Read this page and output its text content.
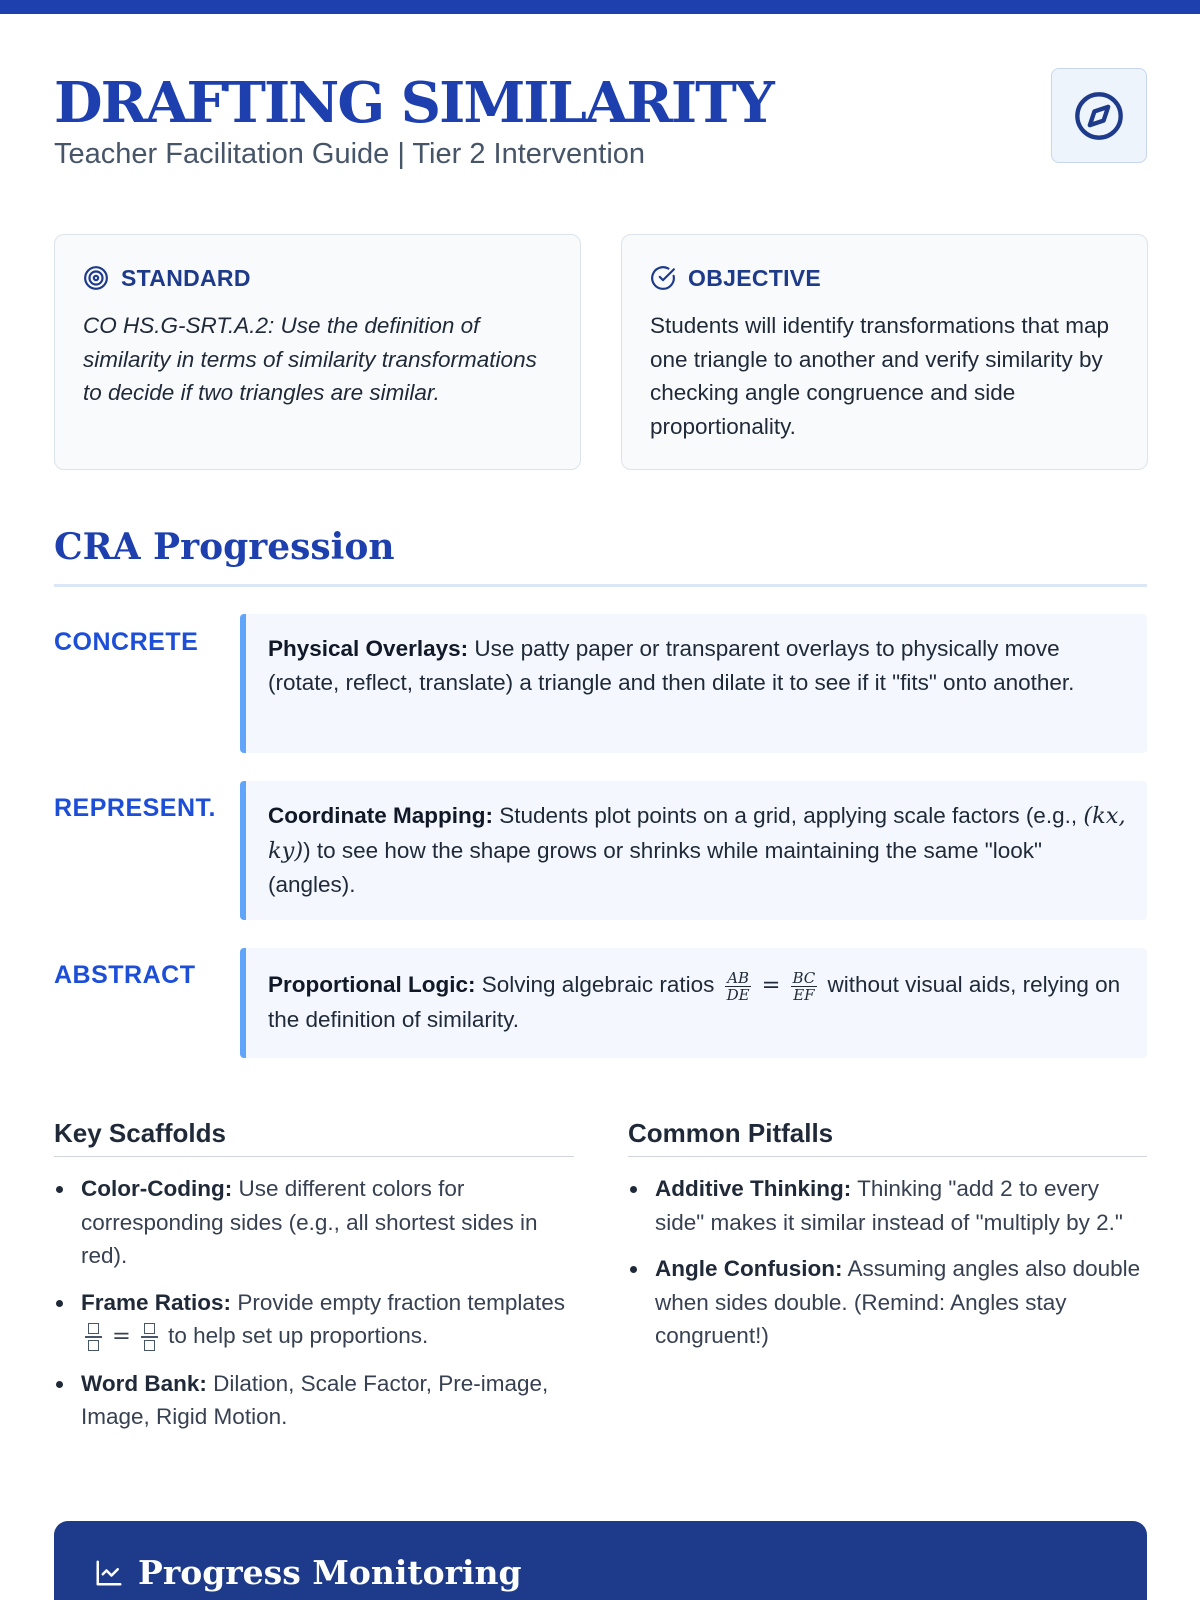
DRAFTING SIMILARITY
Teacher Facilitation Guide | Tier 2 Intervention
STANDARD

CO HS.G-SRT.A.2: Use the definition of similarity in terms of similarity transformations to decide if two triangles are similar.

OBJECTIVE

Students will identify transformations that map one triangle to another and verify similarity by checking angle congruence and side proportionality.

CRA Progression
CONCRETE	Physical Overlays: Use patty paper or transparent overlays to physically move (rotate, reflect, translate) a triangle and then dilate it to see if it "fits" onto another.
REPRESENT.	Coordinate Mapping: Students plot points on a grid, applying scale factors (e.g., (kx, ky)) to see how the shape grows or shrinks while maintaining the same "look" (angles).
ABSTRACT	Proportional Logic: Solving algebraic ratios $\frac{AB}{DE} = \frac{BC}{EF}$ without visual aids, relying on the definition of similarity.
Key Scaffolds
Color-Coding: Use different colors for corresponding sides (e.g., all shortest sides in red).
Frame Ratios: Provide empty fraction templates
= to help set up proportions.
Word Bank: Dilation, Scale Factor, Pre-image, Image, Rigid Motion.
Common Pitfalls
Additive Thinking: Thinking "add 2 to every side" makes it similar instead of "multiply by 2."
Angle Confusion: Assuming angles also double when sides double. (Remind: Angles stay congruent!)
Progress Monitoring
